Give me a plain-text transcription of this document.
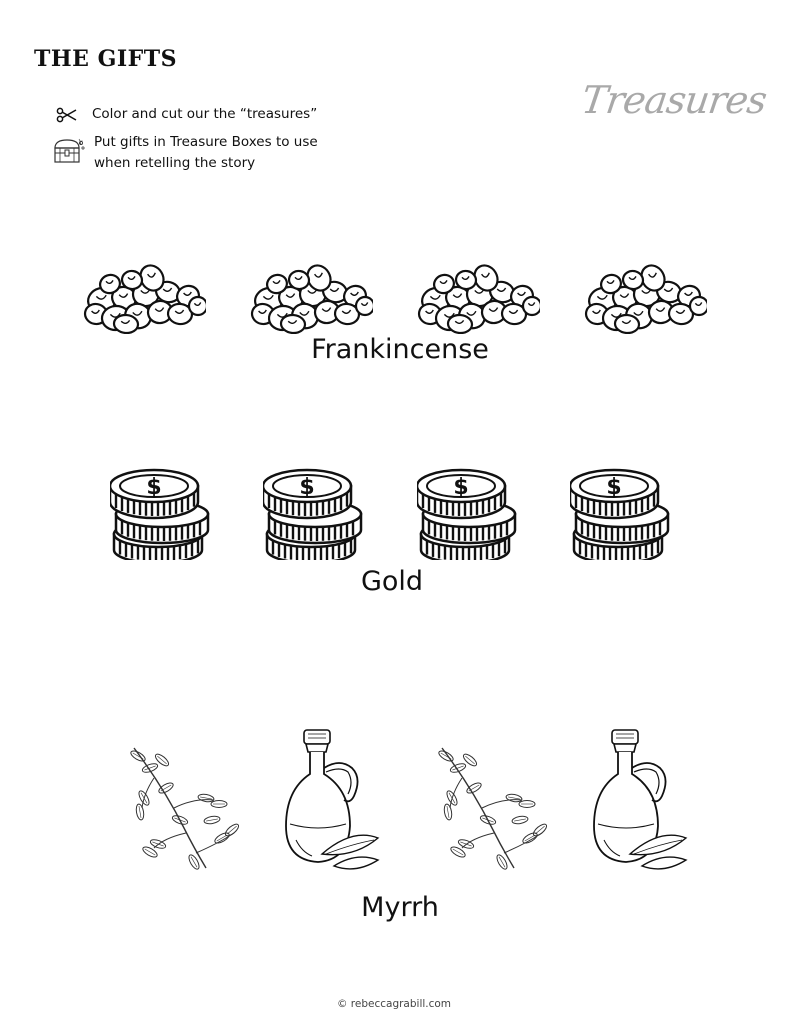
THE GIFTS
Treasures
Color and cut our the “treasures”
Put gifts in Treasure Boxes to use when retelling the story
Frankincense
Gold
Myrrh
© rebeccagrabill.com
$	$	$	$
